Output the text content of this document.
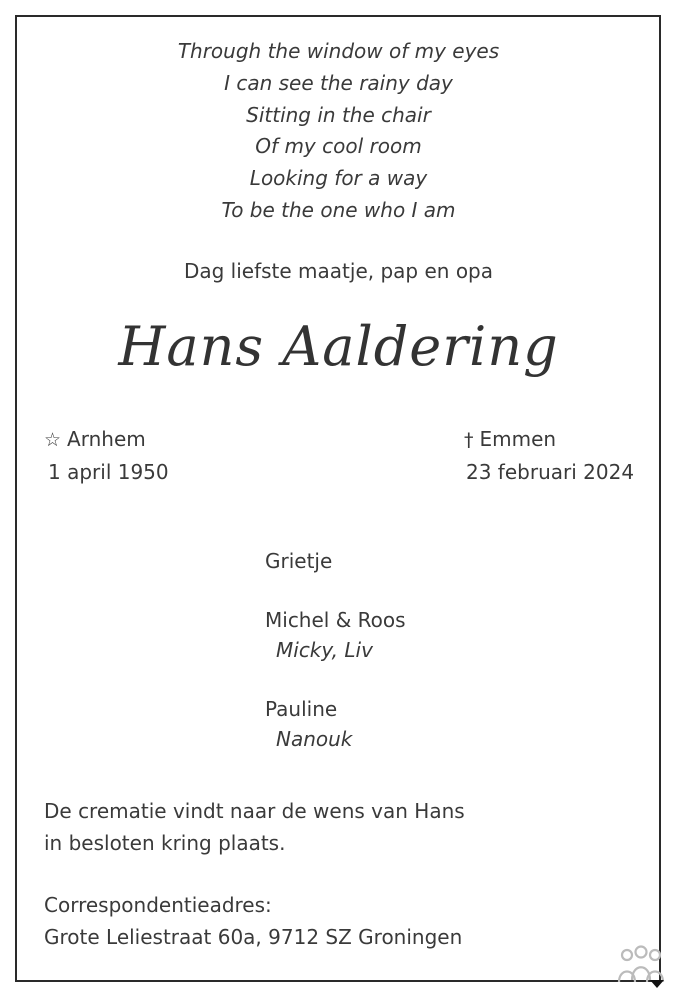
Through the window of my eyes
I can see the rainy day
Sitting in the chair
Of my cool room
Looking for a way
To be the one who I am
Dag liefste maatje, pap en opa
Hans Aaldering
☆ Arnhem
1 april 1950
† Emmen
23 februari 2024
Grietje
Michel & Roos
Micky, Liv
Pauline
Nanouk
De crematie vindt naar de wens van Hans
in besloten kring plaats.
Correspondentieadres:
Grote Leliestraat 60a, 9712 SZ Groningen
